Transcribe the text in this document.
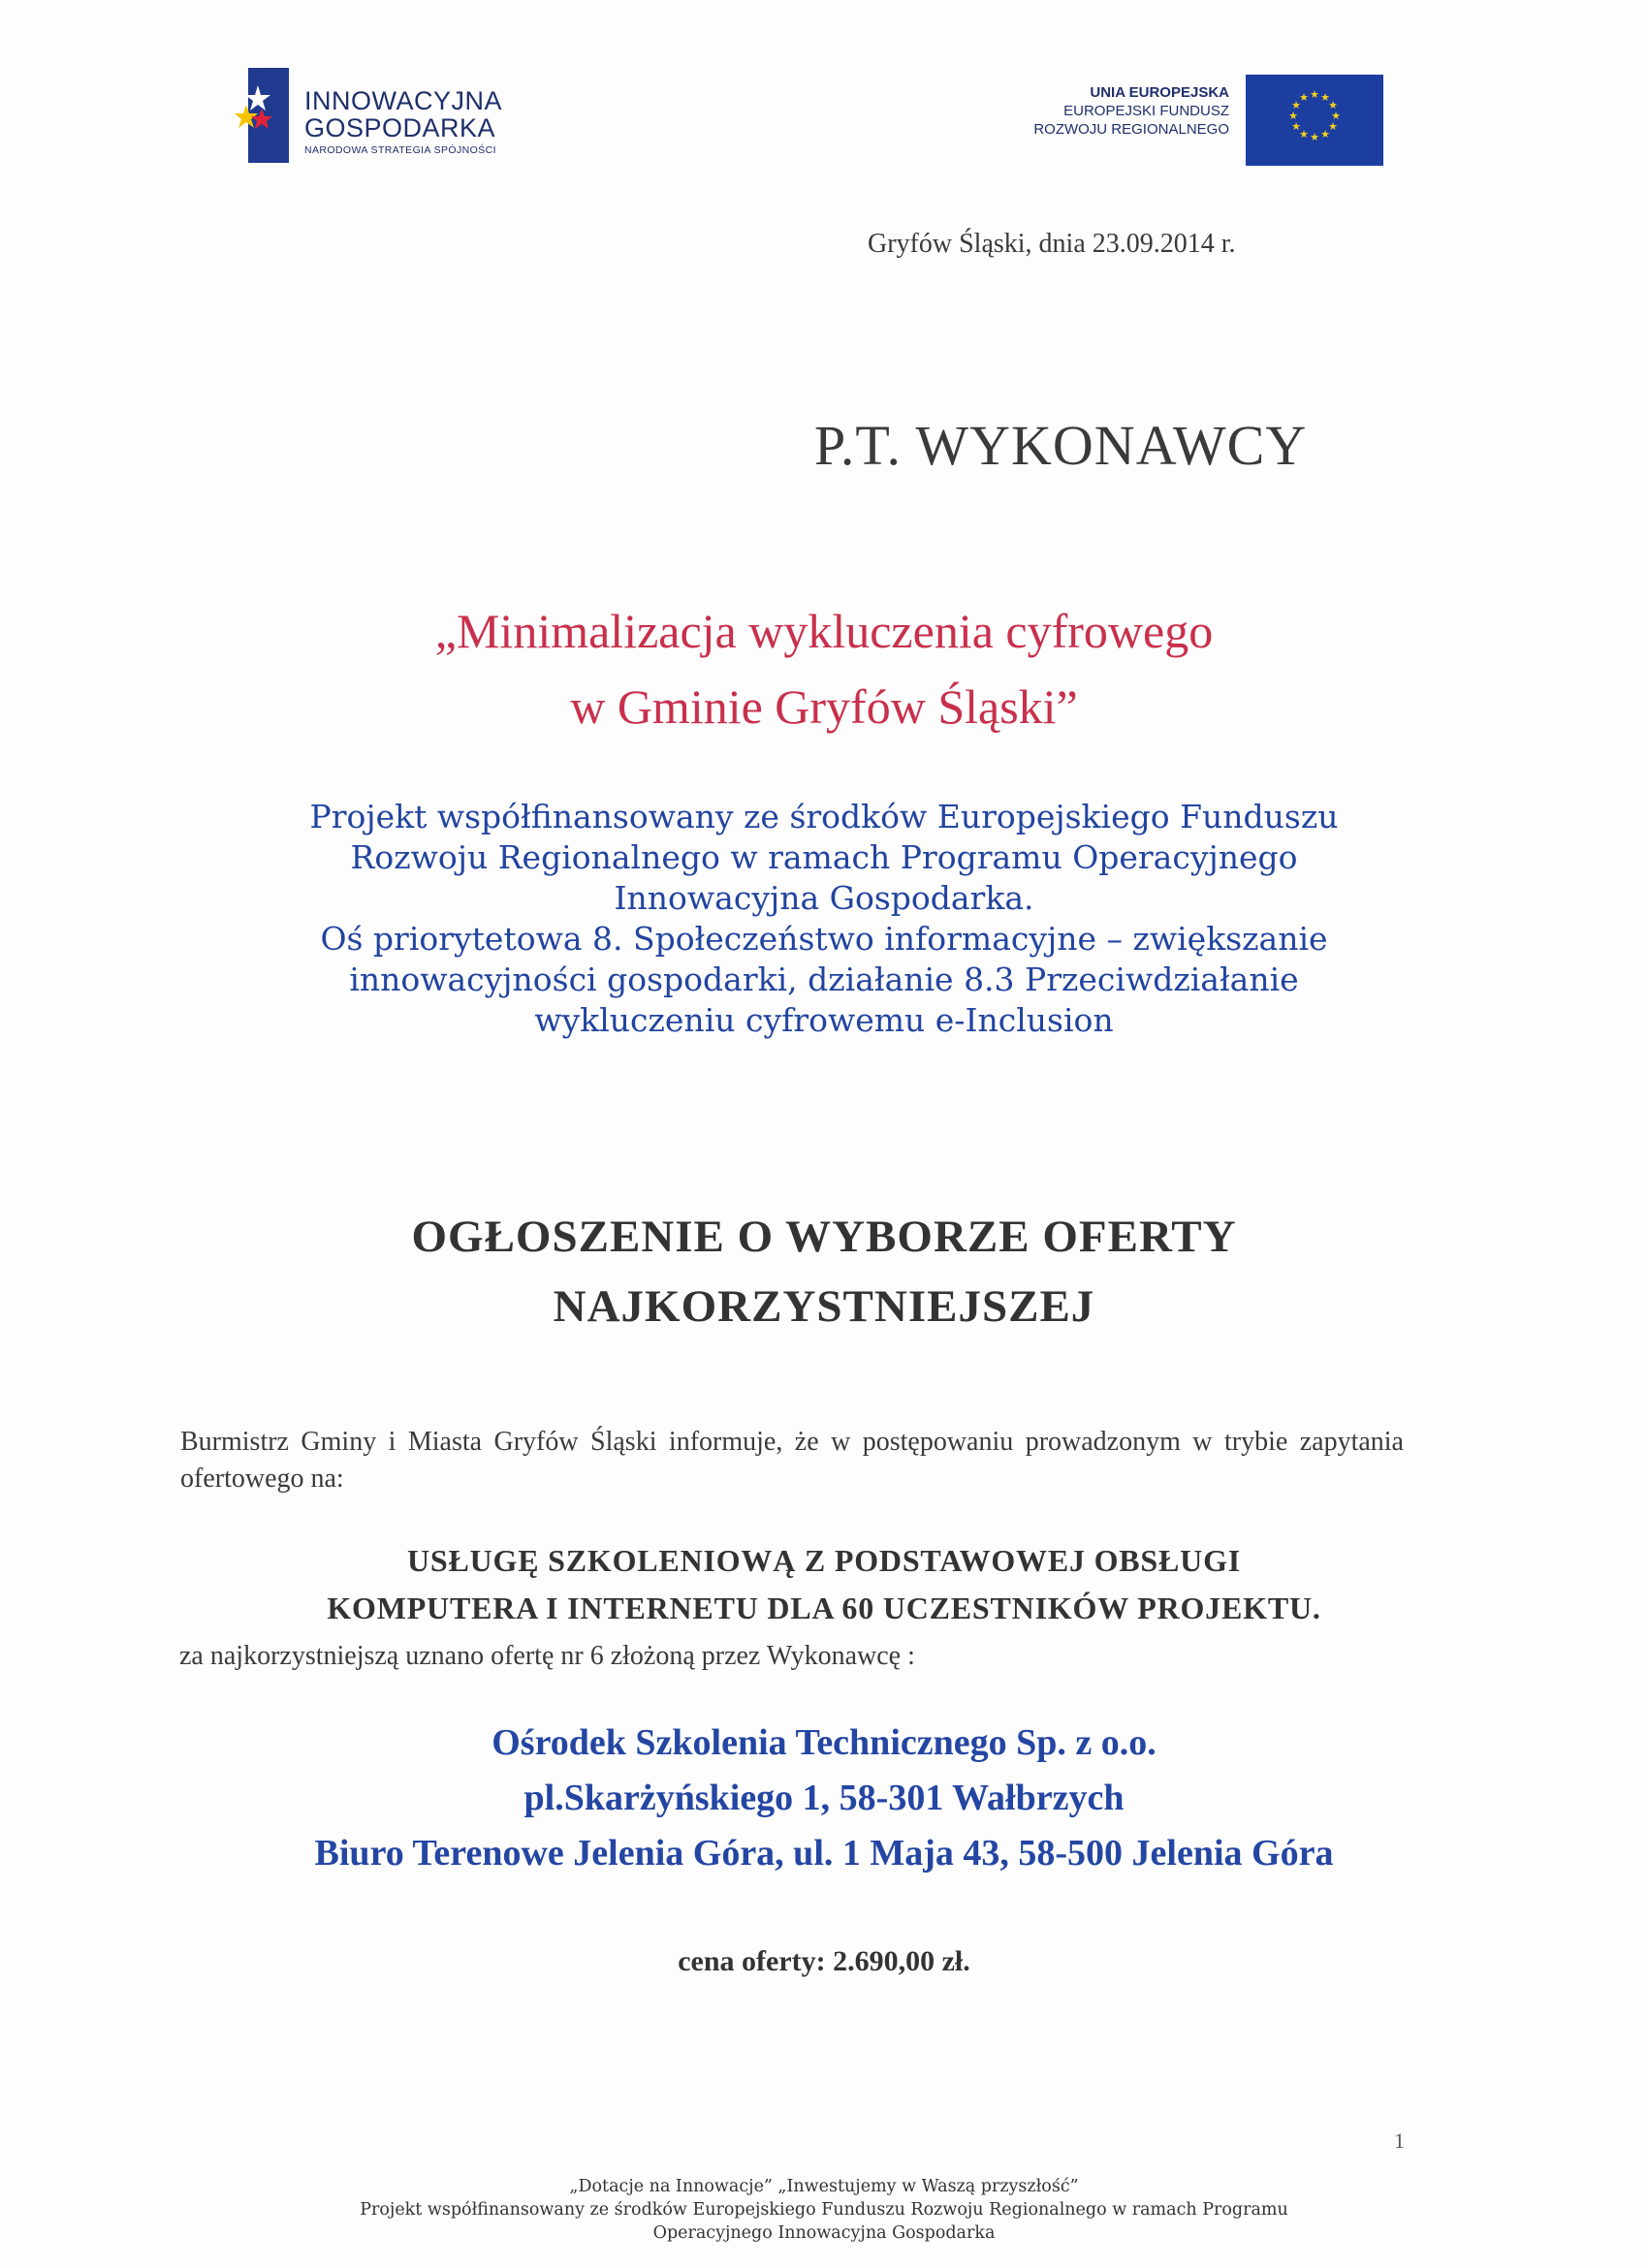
INNOWACYJNA
GOSPODARKA
NARODOWA STRATEGIA SPÓJNOŚCI
UNIA EUROPEJSKA
EUROPEJSKI FUNDUSZ
ROZWOJU REGIONALNEGO
★ ★
★
★
★
★
★
★
★
★
★
★
Gryfów Śląski, dnia 23.09.2014 r.
P.T. WYKONAWCY
„Minimalizacja wykluczenia cyfrowego
w Gminie Gryfów Śląski”
Projekt współfinansowany ze środków Europejskiego Funduszu
Rozwoju Regionalnego w ramach Programu Operacyjnego
Innowacyjna Gospodarka.
Oś priorytetowa 8. Społeczeństwo informacyjne – zwiększanie
innowacyjności gospodarki, działanie 8.3 Przeciwdziałanie
wykluczeniu cyfrowemu e-Inclusion
OGŁOSZENIE O WYBORZE OFERTY
NAJKORZYSTNIEJSZEJ
Burmistrz Gminy i Miasta Gryfów Śląski informuje, że w postępowaniu prowadzonym w trybie zapytania ofertowego na:
USŁUGĘ SZKOLENIOWĄ Z PODSTAWOWEJ OBSŁUGI
KOMPUTERA I INTERNETU DLA 60 UCZESTNIKÓW PROJEKTU.
za najkorzystniejszą uznano ofertę nr 6 złożoną przez Wykonawcę :
Ośrodek Szkolenia Technicznego Sp. z o.o.
pl.Skarżyńskiego 1, 58-301 Wałbrzych
Biuro Terenowe Jelenia Góra, ul. 1 Maja 43, 58-500 Jelenia Góra
cena oferty: 2.690,00 zł.
1
„Dotacje na Innowacje” „Inwestujemy w Waszą przyszłość”
Projekt współfinansowany ze środków Europejskiego Funduszu Rozwoju Regionalnego w ramach Programu
Operacyjnego Innowacyjna Gospodarka
